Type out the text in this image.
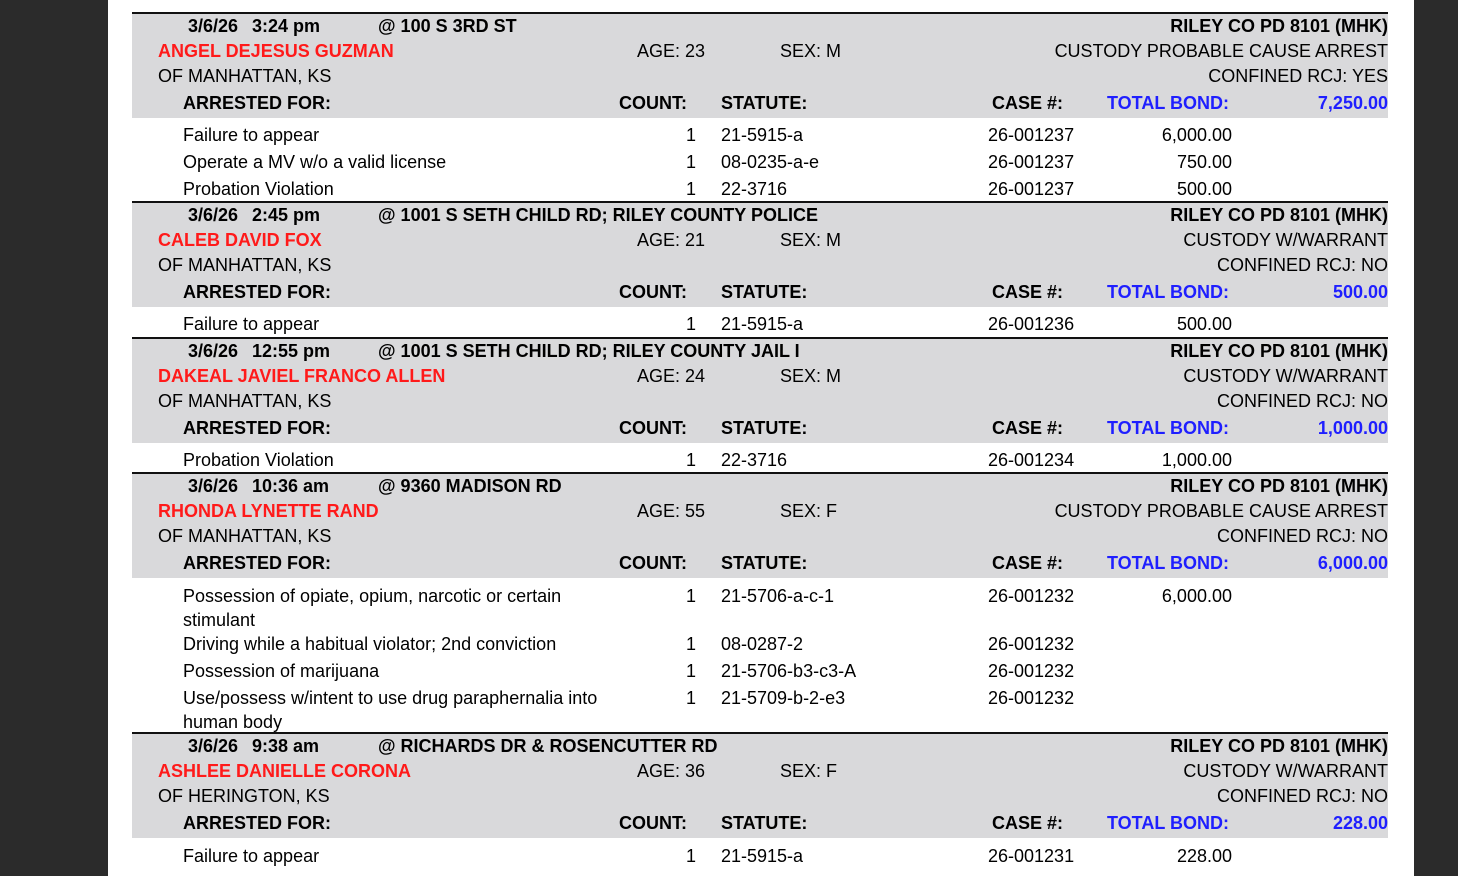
3/6/26 3:24 pm	@ 100 S 3RD ST	RILEY CO PD 8101 (MHK)
ANGEL DEJESUS GUZMAN	AGE: 23	SEX: M	CUSTODY PROBABLE CAUSE ARREST
OF MANHATTAN, KS	CONFINED RCJ: YES
ARRESTED FOR:	COUNT: STATUTE:	CASE #: TOTAL BOND:	7,250.00
Failure to appear	1 21-5915-a	26-001237	6,000.00
Operate a MV w/o a valid license	1 08-0235-a-e	26-001237	750.00
Probation Violation	1 22-3716	26-001237	500.00
3/6/26 2:45 pm	@ 1001 S SETH CHILD RD; RILEY COUNTY POLICE	RILEY CO PD 8101 (MHK)
CALEB DAVID FOX	AGE: 21	SEX: M	CUSTODY W/WARRANT
OF MANHATTAN, KS	CONFINED RCJ: NO
ARRESTED FOR:	COUNT: STATUTE:	CASE #: TOTAL BOND:	500.00
Failure to appear	1 21-5915-a	26-001236	500.00
3/6/26 12:55 pm	@ 1001 S SETH CHILD RD; RILEY COUNTY JAIL I	RILEY CO PD 8101 (MHK)
DAKEAL JAVIEL FRANCO ALLEN	AGE: 24	SEX: M	CUSTODY W/WARRANT
OF MANHATTAN, KS	CONFINED RCJ: NO
ARRESTED FOR:	COUNT: STATUTE:	CASE #: TOTAL BOND:	1,000.00
Probation Violation	1 22-3716	26-001234	1,000.00
3/6/26 10:36 am	@ 9360 MADISON RD	RILEY CO PD 8101 (MHK)
RHONDA LYNETTE RAND	AGE: 55	SEX: F	CUSTODY PROBABLE CAUSE ARREST
OF MANHATTAN, KS	CONFINED RCJ: NO
ARRESTED FOR:	COUNT: STATUTE:	CASE #: TOTAL BOND:	6,000.00
Possession of opiate, opium, narcotic or certain stimulant
1 21-5706-a-c-1	26-001232	6,000.00
Driving while a habitual violator; 2nd conviction	1 08-0287-2	26-001232
Possession of marijuana	1 21-5706-b3-c3-A	26-001232
Use/possess w/intent to use drug paraphernalia into human body
1 21-5709-b-2-e3	26-001232
3/6/26 9:38 am	@ RICHARDS DR & ROSENCUTTER RD	RILEY CO PD 8101 (MHK)
ASHLEE DANIELLE CORONA	AGE: 36	SEX: F	CUSTODY W/WARRANT
OF HERINGTON, KS	CONFINED RCJ: NO
ARRESTED FOR:	COUNT: STATUTE:	CASE #: TOTAL BOND:	228.00
Failure to appear	1 21-5915-a	26-001231	228.00
